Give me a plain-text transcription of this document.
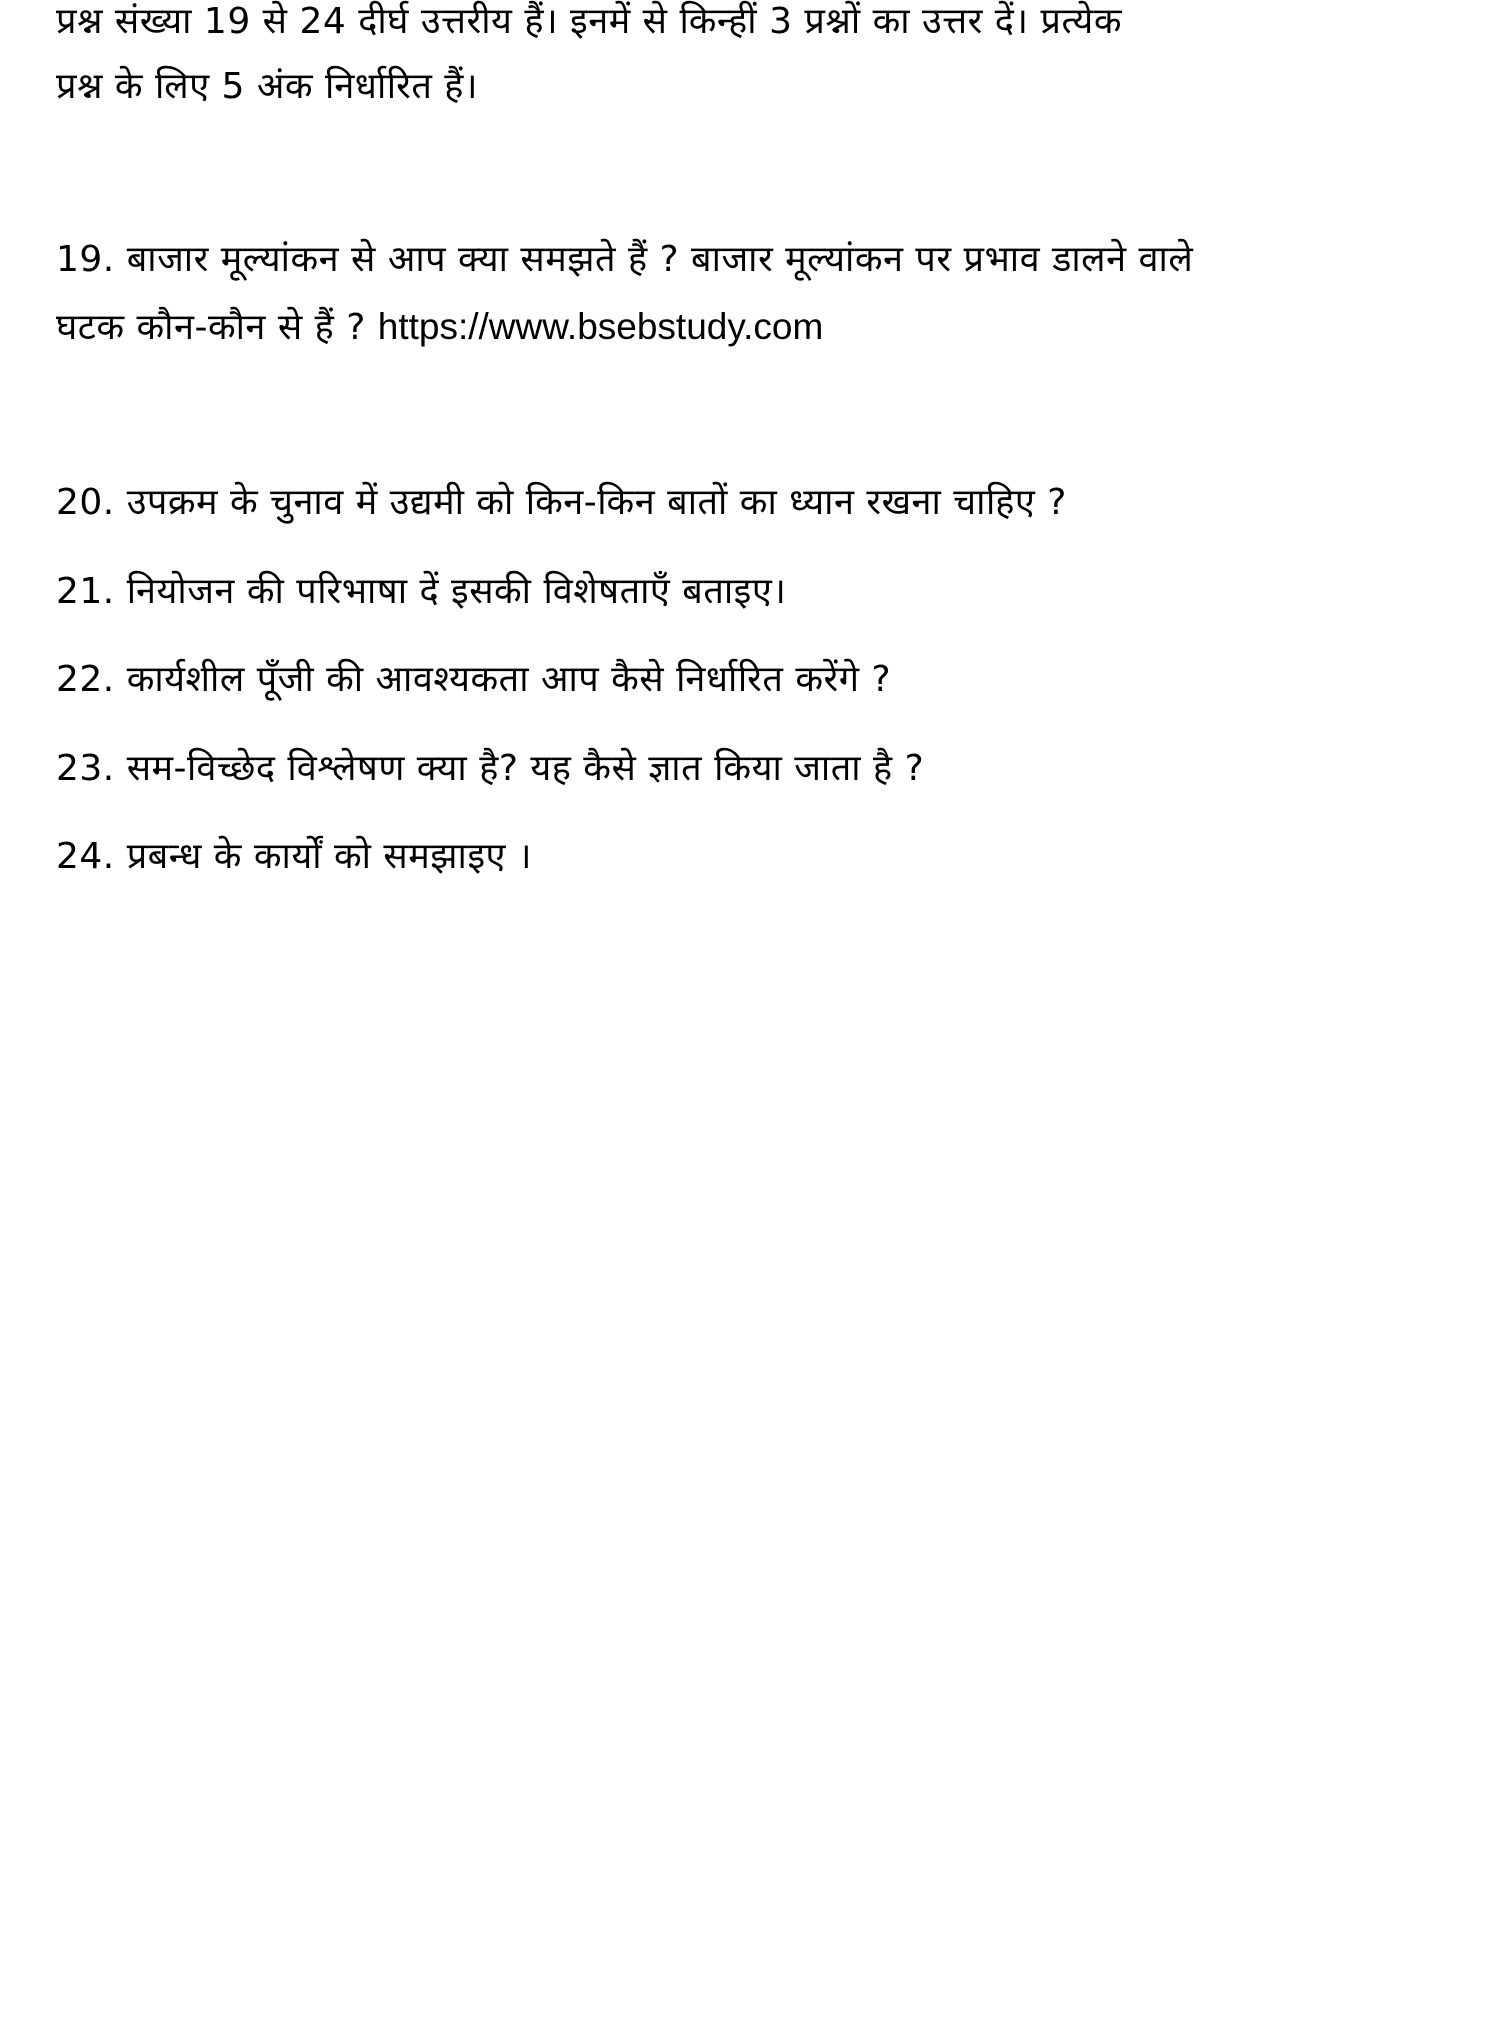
प्रश्न संख्या 19 से 24 दीर्घ उत्तरीय हैं। इनमें से किन्हीं 3 प्रश्नों का उत्तर दें। प्रत्येक

प्रश्न के लिए 5 अंक निर्धारित हैं।

19. बाजार मूल्यांकन से आप क्या समझते हैं ? बाजार मूल्यांकन पर प्रभाव डालने वाले

घटक कौन-कौन से हैं ? https://www.bsebstudy.com

20. उपक्रम के चुनाव में उद्यमी को किन-किन बातों का ध्यान रखना चाहिए ?

21. नियोजन की परिभाषा दें इसकी विशेषताएँ बताइए।

22. कार्यशील पूँजी की आवश्यकता आप कैसे निर्धारित करेंगे ?

23. सम-विच्छेद विश्लेषण क्या है? यह कैसे ज्ञात किया जाता है ?

24. प्रबन्ध के कार्यों को समझाइए ।
